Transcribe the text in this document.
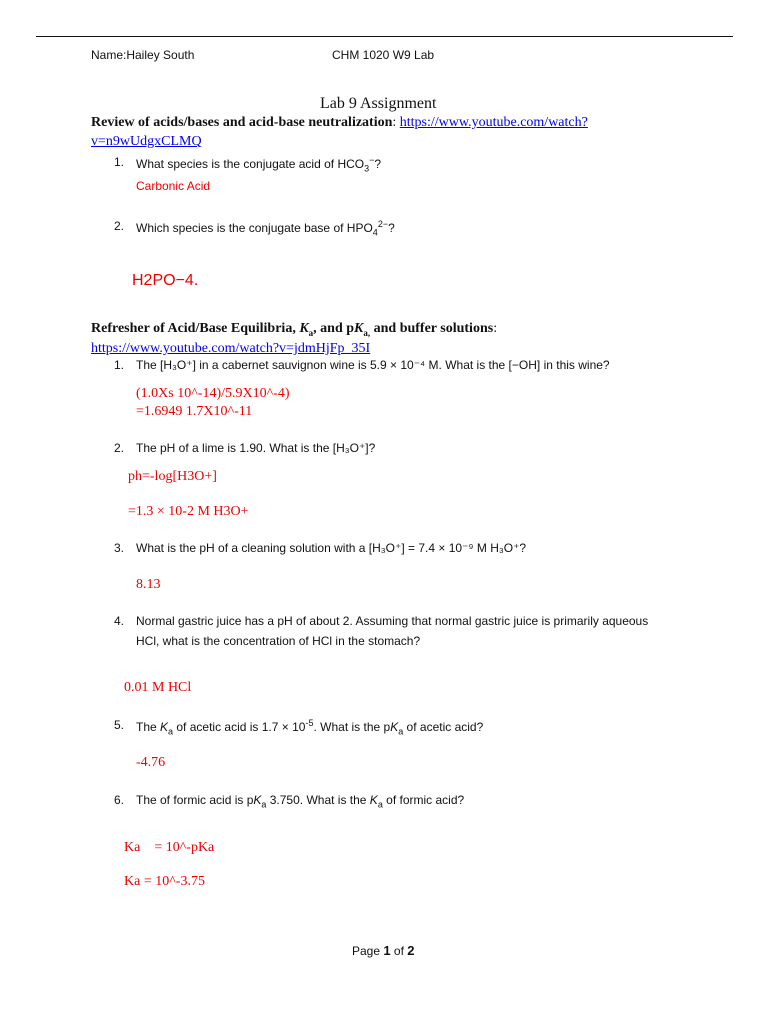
Name:Hailey South	CHM 1020 W9 Lab
Lab 9 Assignment
Review of acids/bases and acid-base neutralization: https://www.youtube.com/watch?
v=n9wUdgxCLMQ
1. What species is the conjugate acid of $HCO_3^-$?
Carbonic Acid
2. Which species is the conjugate base of $HPO_4^{2-}$?
H2PO−4.
Refresher of Acid/Base Equilibria, $K_a$, and $pK_{a,}$ and buffer solutions:
https://www.youtube.com/watch?v=jdmHjFp_35I
1. The [H₃O⁺] in a cabernet sauvignon wine is 5.9 × 10⁻⁴ M. What is the [−OH] in this wine?
(1.0Xs 10^-14)/5.9X10^-4)
=1.6949 1.7X10^-11
2. The pH of a lime is 1.90. What is the [H₃O⁺]?
ph=-log[H3O+]
=1.3 × 10-2 M H3O+
3. What is the pH of a cleaning solution with a [H₃O⁺] = 7.4 × 10⁻⁹ M H₃O⁺?
8.13
4. Normal gastric juice has a pH of about 2. Assuming that normal gastric juice is primarily aqueous
HCl, what is the concentration of HCl in the stomach?
0.01 M HCl
5. The $K_a$ of acetic acid is $1.7 \times 10^{-5}$. What is the $pK_a$ of acetic acid?
-4.76
6. The of formic acid is $pK_a$ 3.750. What is the $K_a$ of formic acid?
Ka    = 10^-pKa
Ka = 10^-3.75
Page 1 of 2
